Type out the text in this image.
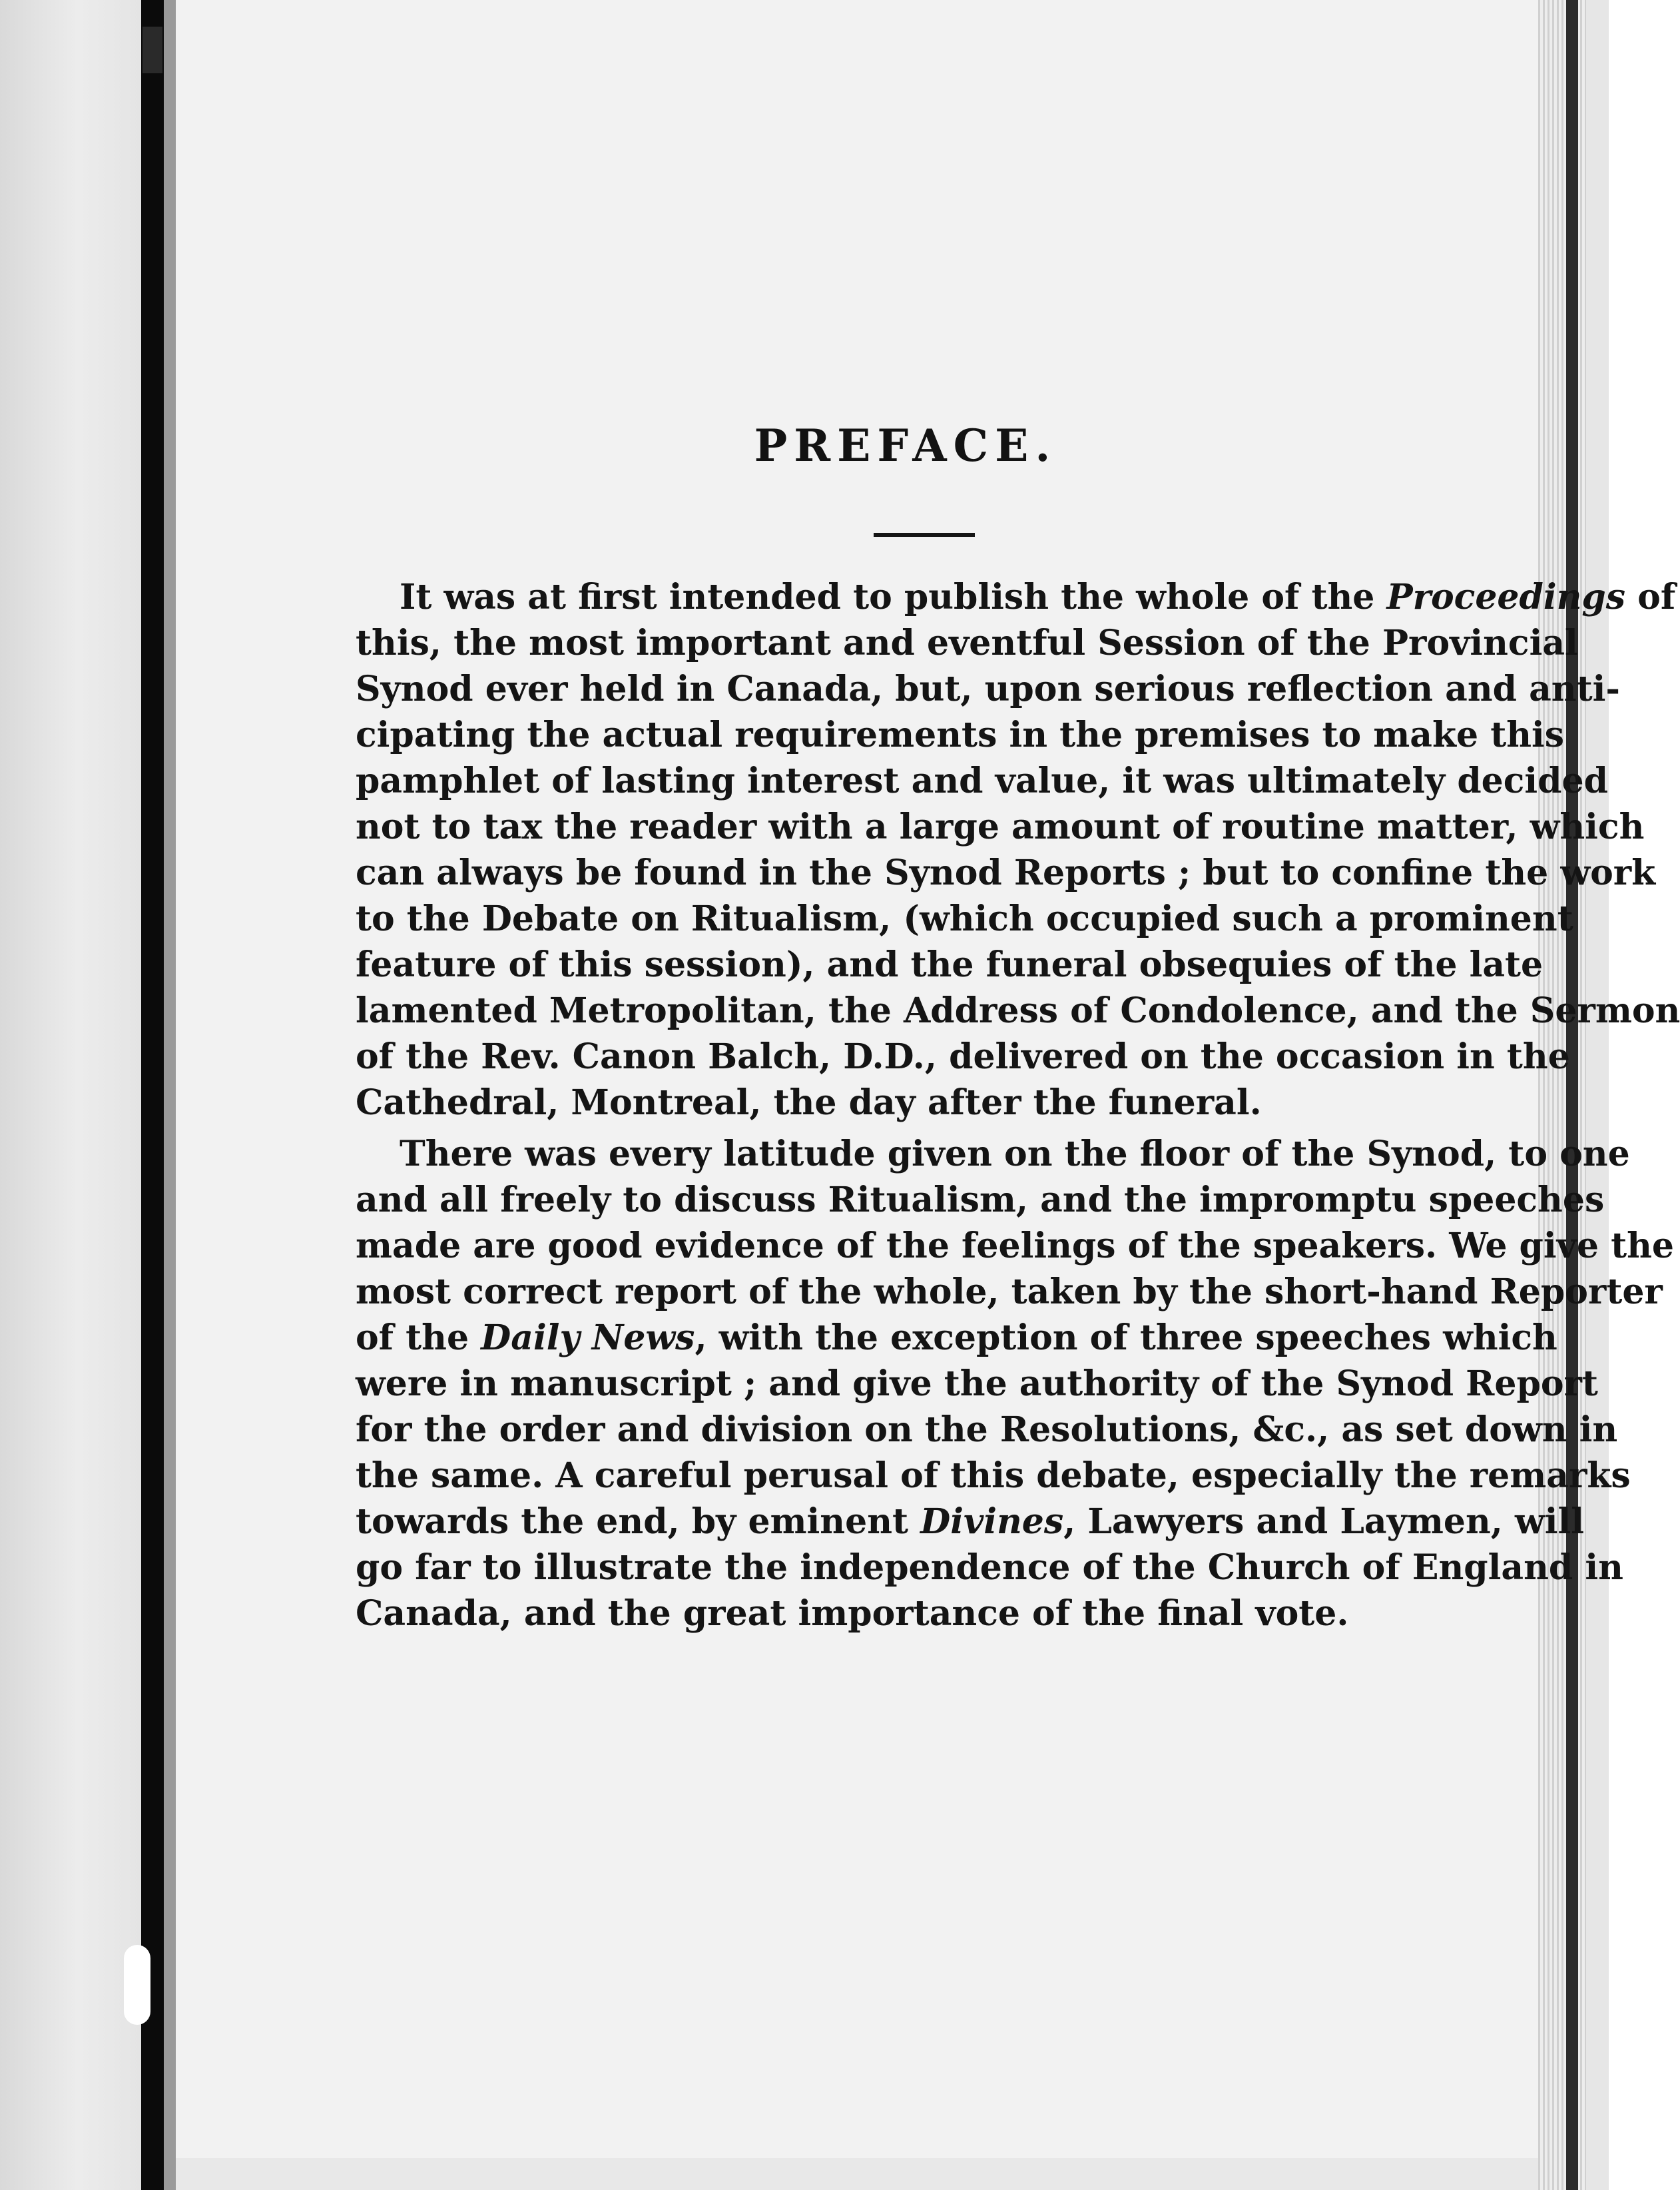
PREFACE.
It was at first intended to publish the whole of the Proceedings of
this, the most important and eventful Session of the Provincial
Synod ever held in Canada, but, upon serious reflection and anti-
cipating the actual requirements in the premises to make this
pamphlet of lasting interest and value, it was ultimately decided
not to tax the reader with a large amount of routine matter, which
can always be found in the Synod Reports ; but to confine the work
to the Debate on Ritualism, (which occupied such a prominent
feature of this session), and the funeral obsequies of the late
lamented Metropolitan, the Address of Condolence, and the Sermon
of the Rev. Canon Balch, D.D., delivered on the occasion in the
Cathedral, Montreal, the day after the funeral.
There was every latitude given on the floor of the Synod, to one
and all freely to discuss Ritualism, and the impromptu speeches
made are good evidence of the feelings of the speakers. We give the
most correct report of the whole, taken by the short-hand Reporter
of the Daily News, with the exception of three speeches which
were in manuscript ; and give the authority of the Synod Report
for the order and division on the Resolutions, &c., as set down in
the same. A careful perusal of this debate, especially the remarks
towards the end, by eminent Divines, Lawyers and Laymen, will
go far to illustrate the independence of the Church of England in
Canada, and the great importance of the final vote.
